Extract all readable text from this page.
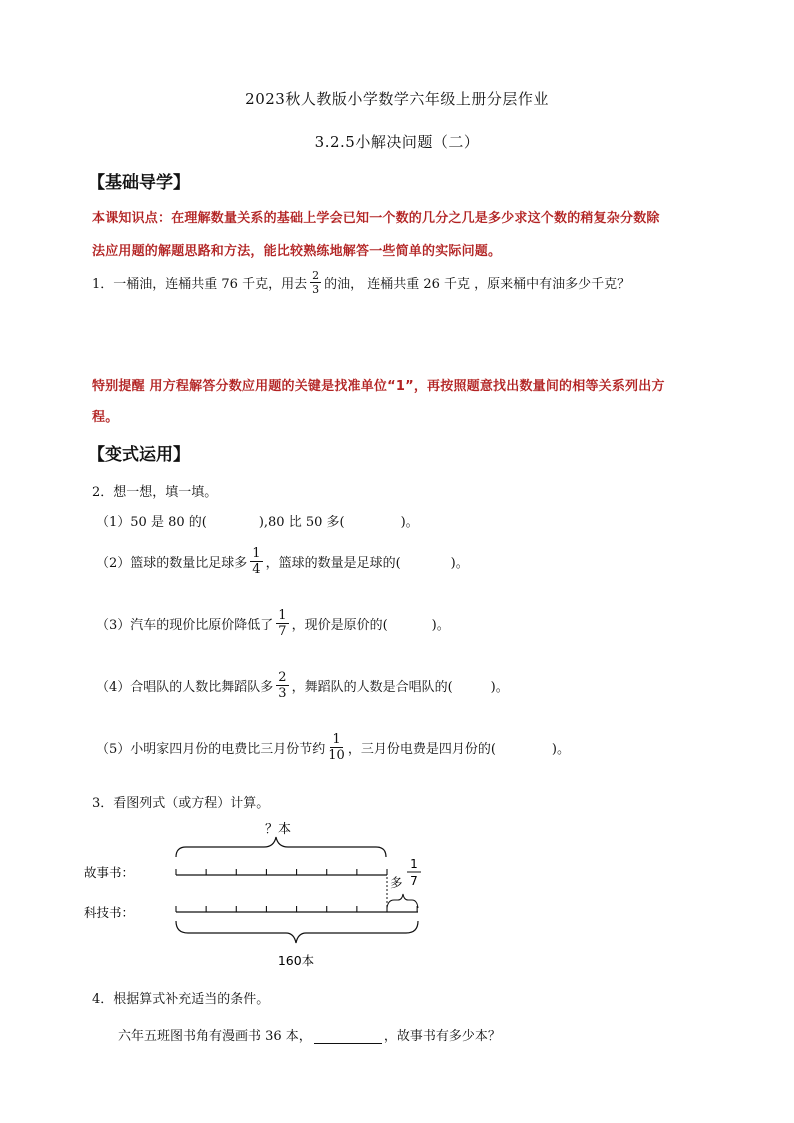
2023秋人教版小学数学六年级上册分层作业
3.2.5小解决问题（二）
【基础导学】
本课知识点：在理解数量关系的基础上学会已知一个数的几分之几是多少求这个数的稍复杂分数除
法应用题的解题思路和方法，能比较熟练地解答一些简单的实际问题。
1．一桶油，连桶共重 76 千克，用去 $\frac{2}{3}$ 的油， 连桶共重 26 千克 ，原来桶中有油多少千克？
特别提醒 用方程解答分数应用题的关键是找准单位“1”，再按照题意找出数量间的相等关系列出方
程。
【变式运用】
2．想一想，填一填。
（1）50 是 80 的(	),80 比 50 多(	)。
（2）篮球的数量比足球多 $\frac{1}{4}$ ，篮球的数量是足球的(	)。
（3）汽车的现价比原价降低了 $\frac{1}{7}$ ，现价是原价的(	)。
（4）合唱队的人数比舞蹈队多 $\frac{2}{3}$ ，舞蹈队的人数是合唱队的(	)。
（5）小明家四月份的电费比三月份节约 $\frac{1}{10}$ ，三月份电费是四月份的(	)。
3．看图列式（或方程）计算。
？本
故事书：
科技书：
多
1
7
160本
4．根据算式补充适当的条件。
六年五班图书角有漫画书 36 本，	，故事书有多少本？
